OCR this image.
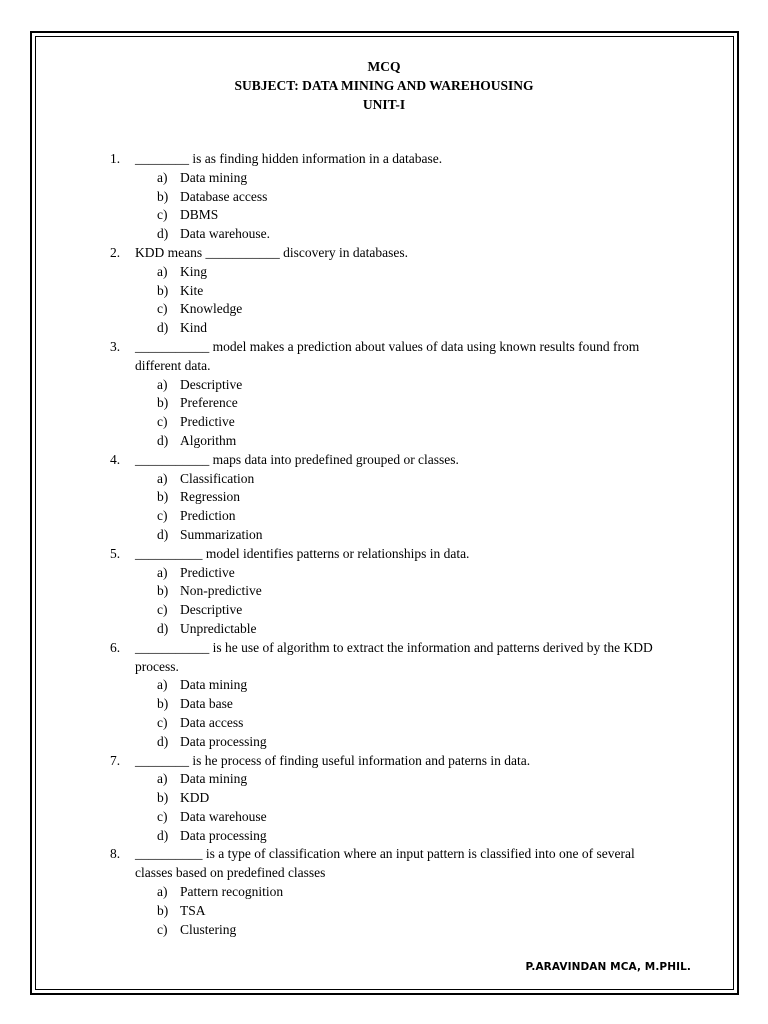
MCQ
SUBJECT: DATA MINING AND WAREHOUSING
UNIT-I
1.	________ is as finding hidden information in a database.
a) Data mining
b) Database access
c) DBMS
d) Data warehouse.
2.	KDD means ___________ discovery in databases.
a) King
b) Kite
c) Knowledge
d) Kind
3.	___________ model makes a prediction about values of data using known results found from different data.
a) Descriptive
b) Preference
c) Predictive
d) Algorithm
4.	___________ maps data into predefined grouped or classes.
a) Classification
b) Regression
c) Prediction
d) Summarization
5.	__________ model identifies patterns or relationships in data.
a) Predictive
b) Non-predictive
c) Descriptive
d) Unpredictable
6.	___________ is he use of algorithm to extract the information and patterns derived by the KDD process.
a) Data mining
b) Data base
c) Data access
d) Data processing
7.	________ is he process of finding useful information and paterns in data.
a) Data mining
b) KDD
c) Data warehouse
d) Data processing
8.	__________ is a type of classification where an input pattern is classified into one of several classes based on predefined classes
a) Pattern recognition
b) TSA
c) Clustering
P.ARAVINDAN MCA, M.PHIL.
